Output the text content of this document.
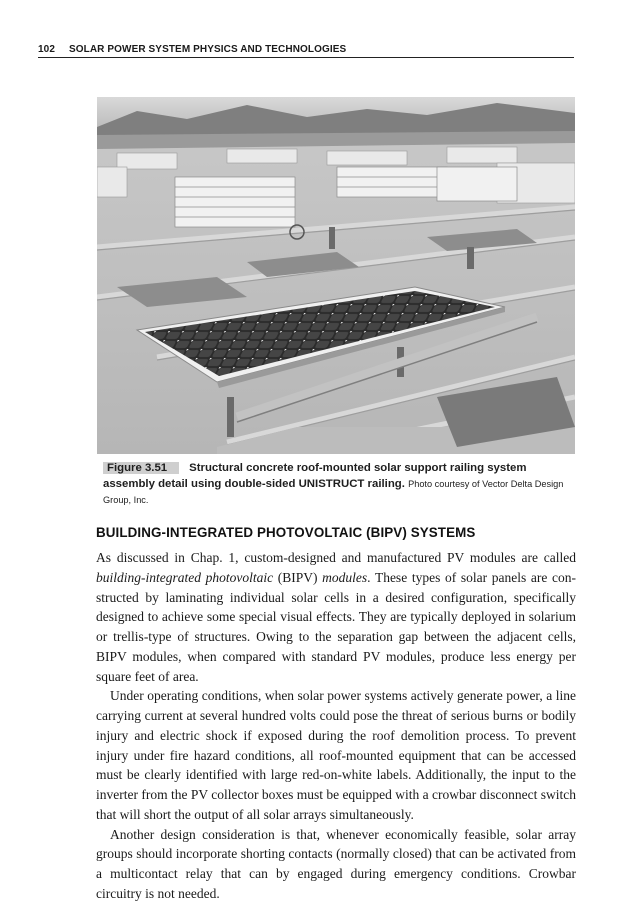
102 SOLAR POWER SYSTEM PHYSICS AND TECHNOLOGIES
Figure 3.51 Structural concrete roof-mounted solar support railing system assembly detail using double-sided UNISTRUCT railing. Photo courtesy of Vector Delta Design Group, Inc.
BUILDING-INTEGRATED PHOTOVOLTAIC (BIPV) SYSTEMS

As discussed in Chap. 1, custom-designed and manufactured PV modules are called building-integrated photovoltaic (BIPV) modules. These types of solar panels are constructed by laminating individual solar cells in a desired configuration, specifically designed to achieve some special visual effects. They are typically deployed in solarium or trellis-type of structures. Owing to the separation gap between the adjacent cells, BIPV modules, when compared with standard PV modules, produce less energy per square feet of area.

Under operating conditions, when solar power systems actively generate power, a line carrying current at several hundred volts could pose the threat of serious burns or bodily injury and electric shock if exposed during the roof demolition process. To prevent injury under fire hazard conditions, all roof-mounted equipment that can be accessed must be clearly identified with large red-on-white labels. Additionally, the input to the inverter from the PV collector boxes must be equipped with a crowbar disconnect switch that will short the output of all solar arrays simultaneously.

Another design consideration is that, whenever economically feasible, solar array groups should incorporate shorting contacts (normally closed) that can be activated from a multicontact relay that can by engaged during emergency conditions. Crowbar circuitry is not needed.
